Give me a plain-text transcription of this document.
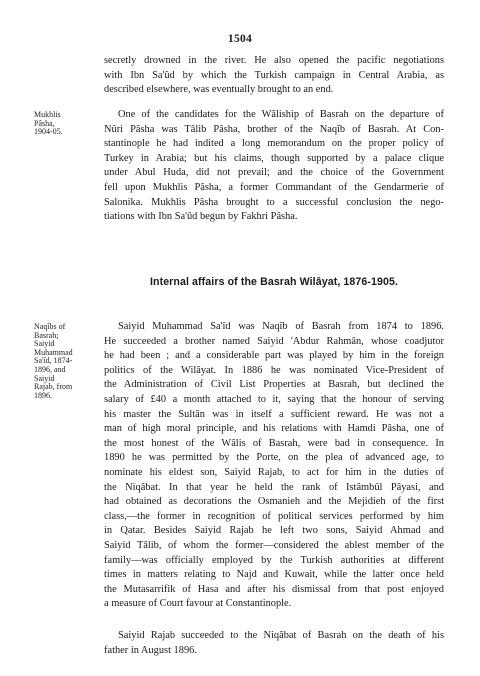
1504
secretly drowned in the river. He also opened the pacific negotiations
with Ibn Sa'ûd by which the Turkish campaign in Central Arabia, as
described elsewhere, was eventually brought to an end.
Mukhlis
Pâsha,
1904-05.
One of the candidates for the Wâliship of Basrah on the departure of
Nûri Pâsha was Tâlib Pâsha, brother of the Naqîb of Basrah. At Con-
stantinople he had indited a long memorandum on the proper policy of
Turkey in Arabia; but his claims, though supported by a palace clique
under Abul Huda, did not prevail; and the choice of the Government
fell upon Mukhlis Pâsha, a former Commandant of the Gendarmerie of
Salonika. Mukhlis Pâsha brought to a successful conclusion the nego-
tiations with Ibn Sa'ûd begun by Fakhri Pâsha.
Internal affairs of the Basrah Wilâyat, 1876-1905.
Naqîbs of
Basrah;
Saiyid
Muhammad
Sa'îd, 1874-
1896, and
Saiyid
Rajab, from
1896.
Saiyid Muhammad Sa'îd was Naqîb of Basrah from 1874 to 1896.
He succeeded a brother named Saiyid 'Abdur Rahmân, whose coadjutor
he had been ; and a considerable part was played by him in the foreign
politics of the Wilâyat. In 1886 he was nominated Vice-President of
the Administration of Civil List Properties at Basrah, but declined the
salary of £40 a month attached to it, saying that the honour of serving
his master the Sultân was in itself a sufficient reward. He was not a
man of high moral principle, and his relations with Hamdi Pâsha, one of
the most honest of the Wâlis of Basrah, were bad in consequence. In
1890 he was permitted by the Porte, on the plea of advanced age, to
nominate his eldest son, Saiyid Rajab, to act for him in the duties of
the Niqâbat. In that year he held the rank of Istâmbûl Pâyasi, and
had obtained as decorations the Osmanieh and the Mejidieh of the first
class,—the former in recognition of political services performed by him
in Qatar. Besides Saiyid Rajab he left two sons, Saiyid Ahmad and
Saiyid Tâlib, of whom the former—considered the ablest member of the
family—was officially employed by the Turkish authorities at different
times in matters relating to Najd and Kuwait, while the latter once held
the Mutasarrifik of Hasa and after his dismissal from that post enjoyed
a measure of Court favour at Constantinople.
Saiyid Rajab succeeded to the Niqâbat of Basrah on the death of his
father in August 1896.
